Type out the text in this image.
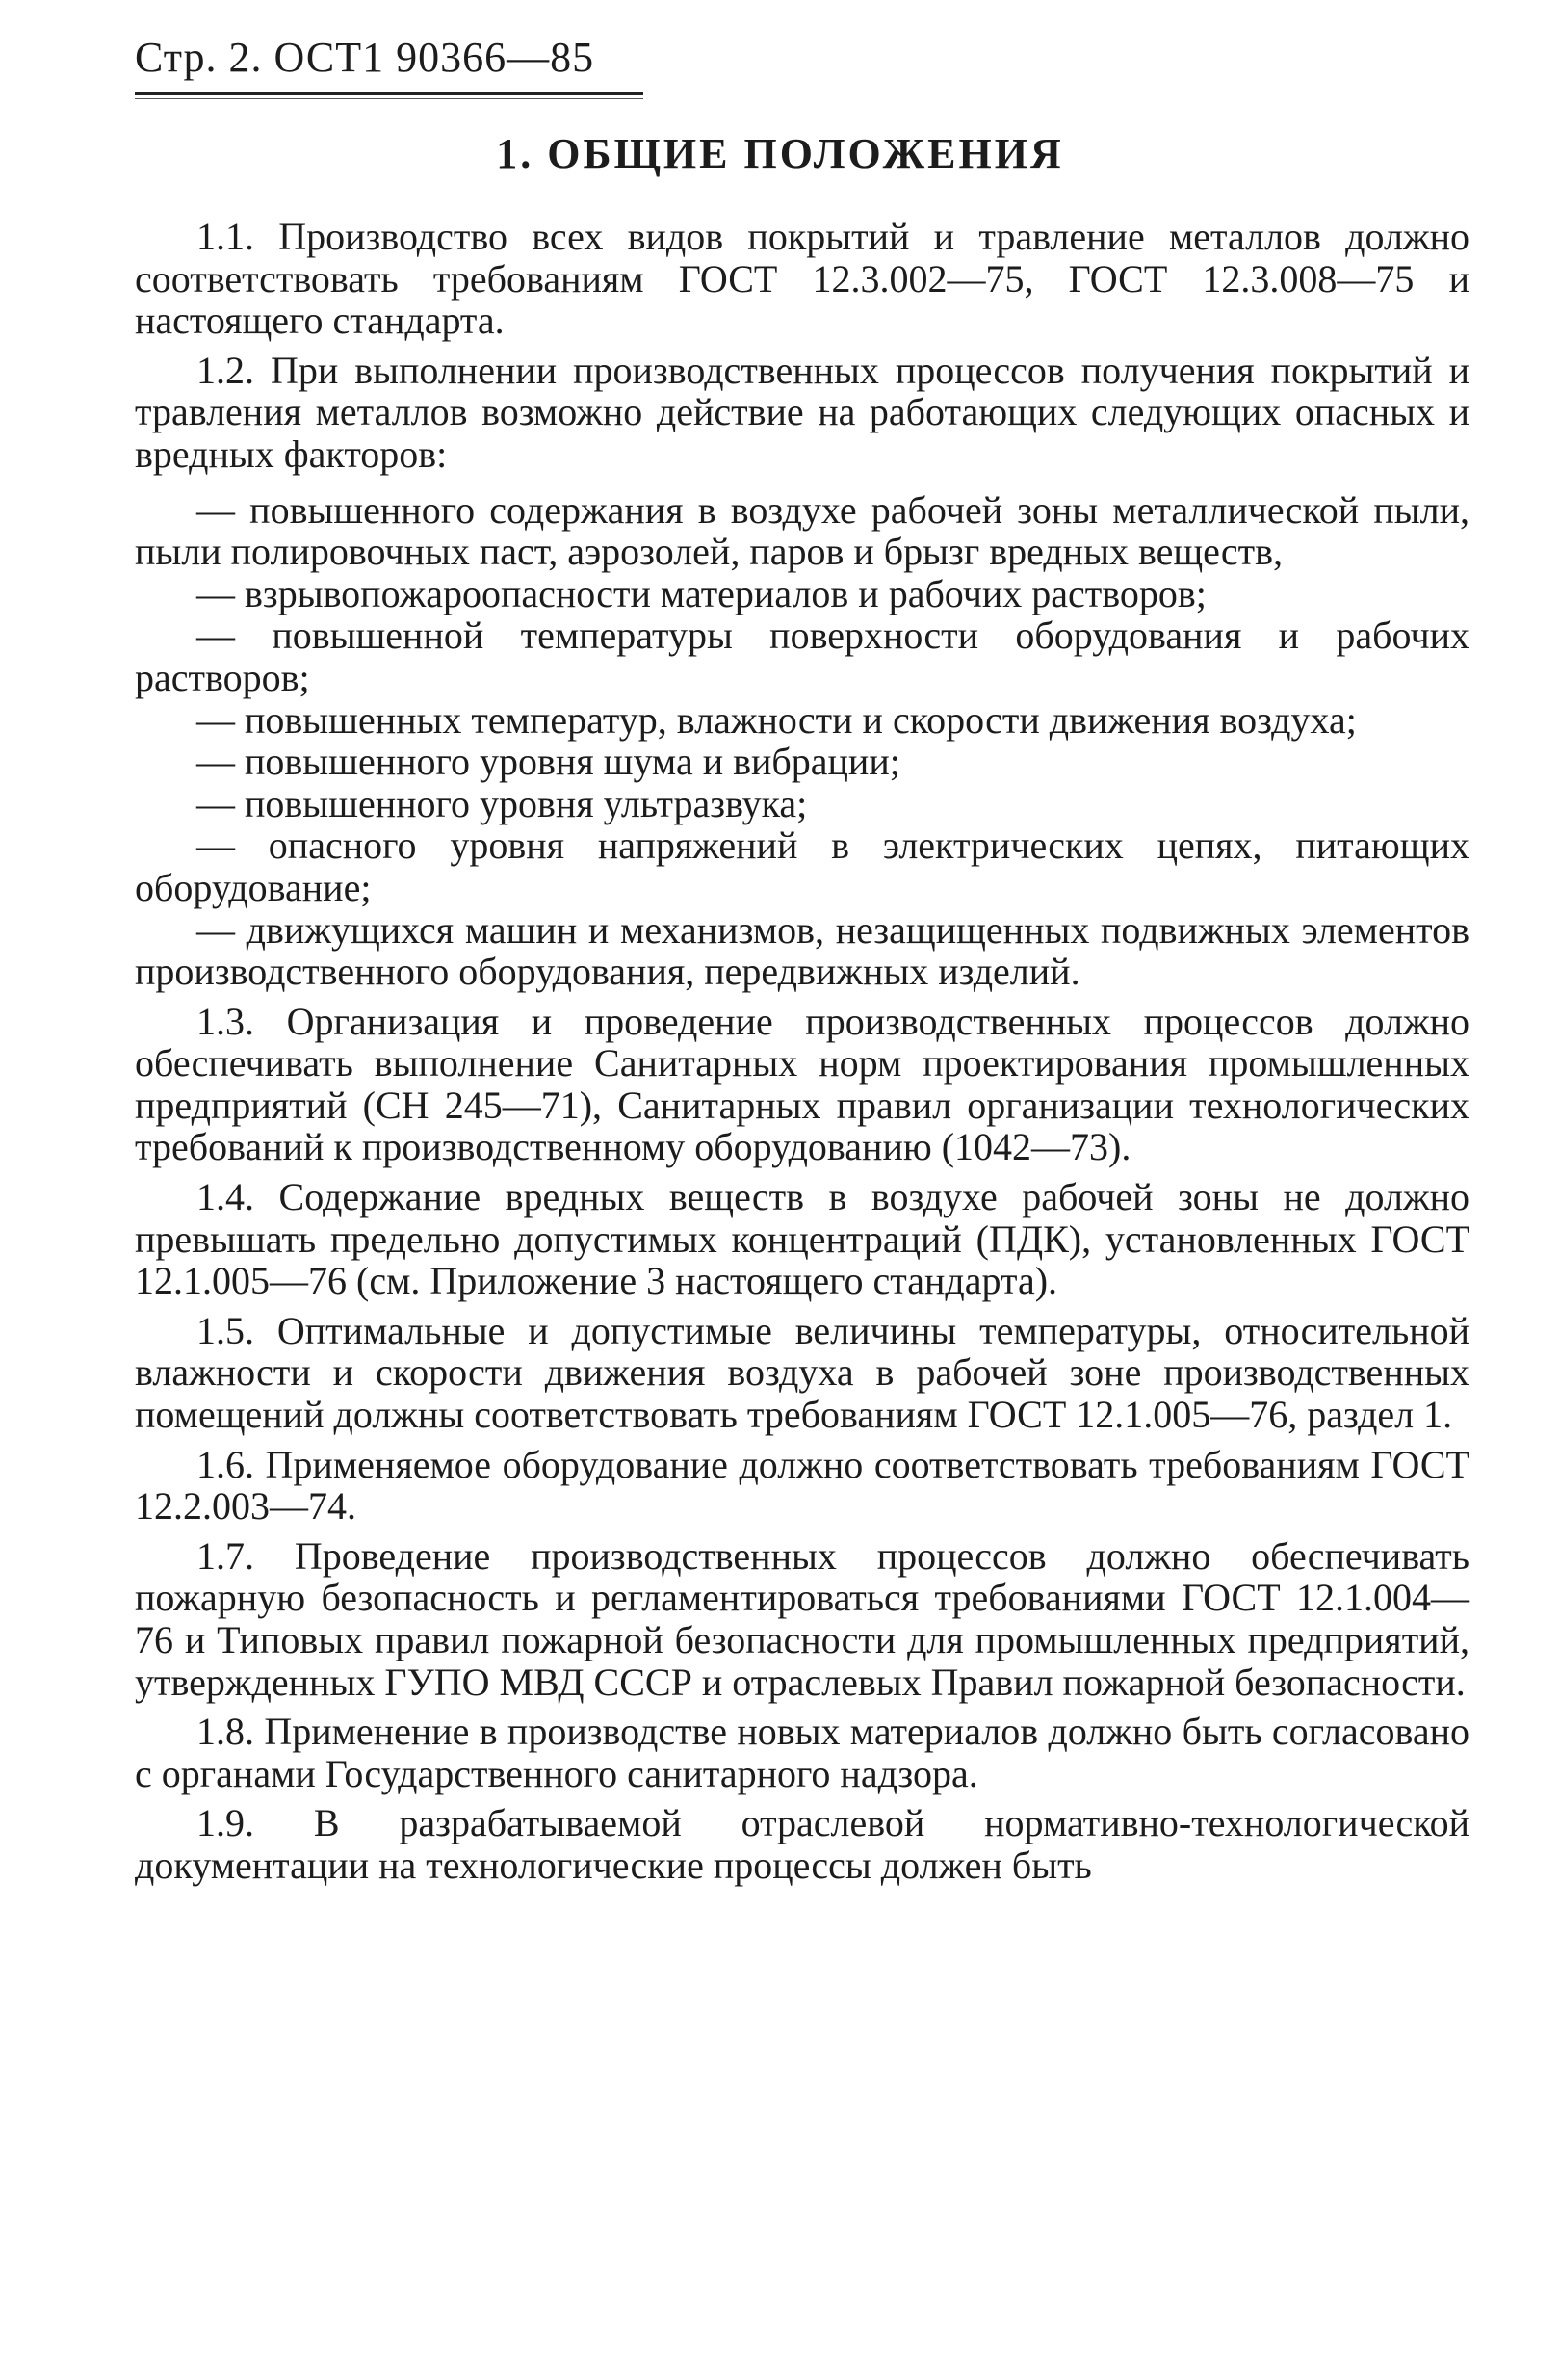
Стр. 2. ОСТ1 90366—85
1. ОБЩИЕ ПОЛОЖЕНИЯ

1.1. Производство всех видов покрытий и травление металлов должно соответствовать требованиям ГОСТ 12.3.002—75, ГОСТ 12.3.008—75 и настоящего стандарта.

1.2. При выполнении производственных процессов получения покрытий и травления металлов возможно действие на работающих следующих опасных и вредных факторов:

— повышенного содержания в воздухе рабочей зоны металлической пыли, пыли полировочных паст, аэрозолей, паров и брызг вредных веществ,

— взрывопожароопасности материалов и рабочих растворов;

— повышенной температуры поверхности оборудования и рабочих растворов;

— повышенных температур, влажности и скорости движения воздуха;

— повышенного уровня шума и вибрации;

— повышенного уровня ультразвука;

— опасного уровня напряжений в электрических цепях, питающих оборудование;

— движущихся машин и механизмов, незащищенных подвижных элементов производственного оборудования, передвижных изделий.

1.3. Организация и проведение производственных процессов должно обеспечивать выполнение Санитарных норм проектирования промышленных предприятий (СН 245—71), Санитарных правил организации технологических требований к производственному оборудованию (1042—73).

1.4. Содержание вредных веществ в воздухе рабочей зоны не должно превышать предельно допустимых концентраций (ПДК), установленных ГОСТ 12.1.005—76 (см. Приложение 3 настоящего стандарта).

1.5. Оптимальные и допустимые величины температуры, относительной влажности и скорости движения воздуха в рабочей зоне производственных помещений должны соответствовать требованиям ГОСТ 12.1.005—76, раздел 1.

1.6. Применяемое оборудование должно соответствовать требованиям ГОСТ 12.2.003—74.

1.7. Проведение производственных процессов должно обеспечивать пожарную безопасность и регламентироваться требованиями ГОСТ 12.1.004—76 и Типовых правил пожарной безопасности для промышленных предприятий, утвержденных ГУПО МВД СССР и отраслевых Правил пожарной безопасности.

1.8. Применение в производстве новых материалов должно быть согласовано с органами Государственного санитарного надзора.

1.9. В разрабатываемой отраслевой нормативно-технологической документации на технологические процессы должен быть
